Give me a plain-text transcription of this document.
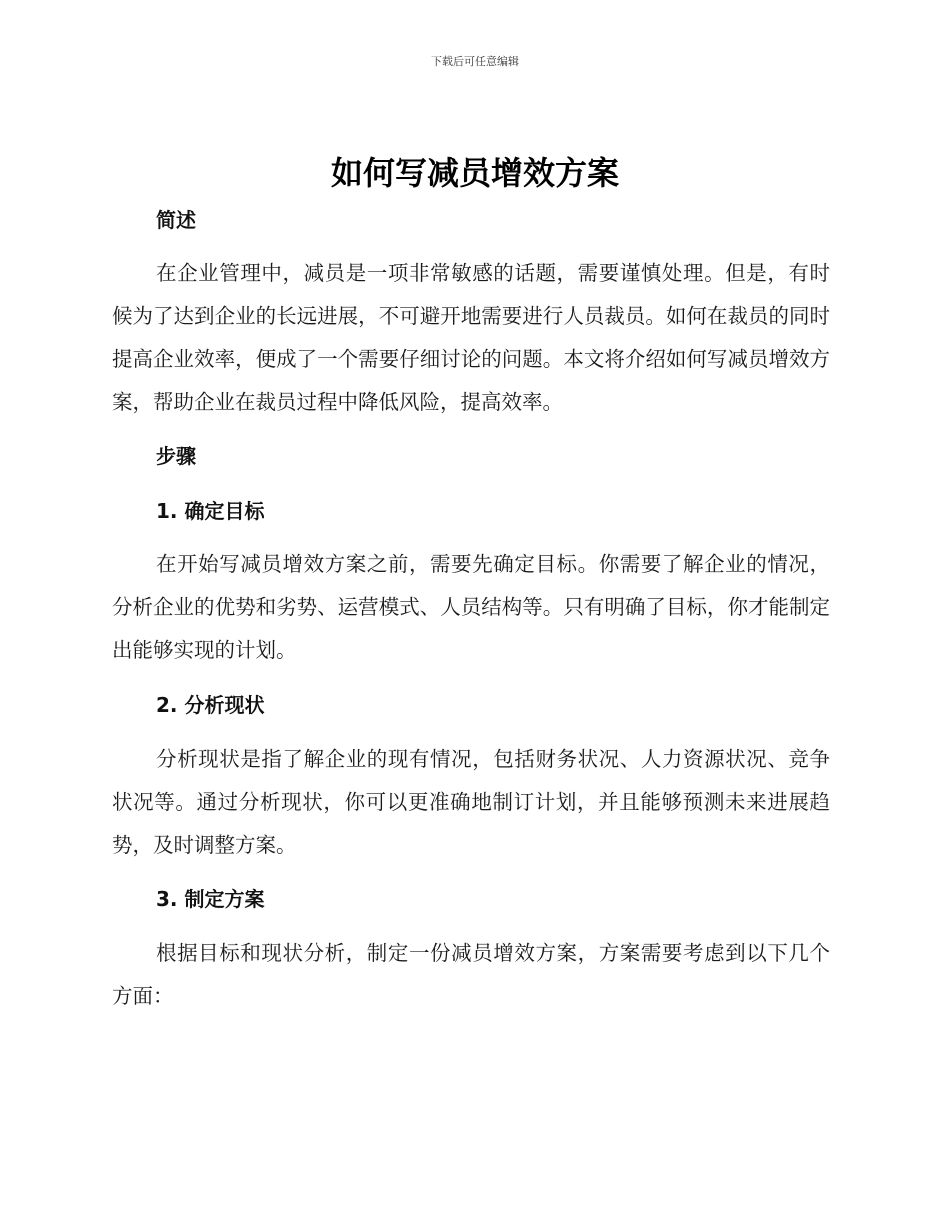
下载后可任意编辑
如何写减员增效方案
简述
在企业管理中，减员是一项非常敏感的话题，需要谨慎处理。但是，有时候为了达到企业的长远进展，不可避开地需要进行人员裁员。如何在裁员的同时提高企业效率，便成了一个需要仔细讨论的问题。本文将介绍如何写减员增效方案，帮助企业在裁员过程中降低风险，提高效率。
步骤
1. 确定目标
在开始写减员增效方案之前，需要先确定目标。你需要了解企业的情况，分析企业的优势和劣势、运营模式、人员结构等。只有明确了目标，你才能制定出能够实现的计划。
2. 分析现状
分析现状是指了解企业的现有情况，包括财务状况、人力资源状况、竞争状况等。通过分析现状，你可以更准确地制订计划，并且能够预测未来进展趋势，及时调整方案。
3. 制定方案
根据目标和现状分析，制定一份减员增效方案，方案需要考虑到以下几个方面：
